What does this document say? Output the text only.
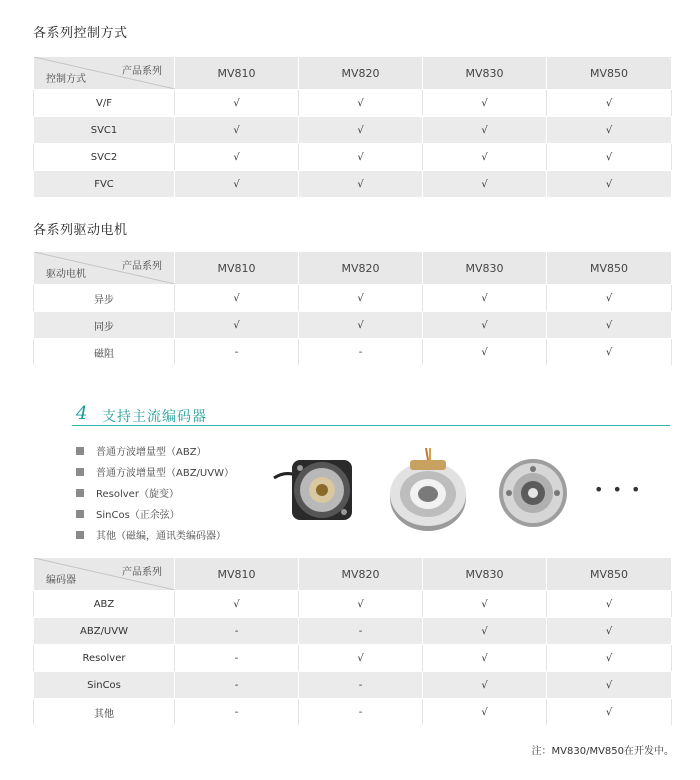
各系列控制方式
产品系列
控制方式	MV810	MV820	MV830	MV850
V/F	√	√	√	√
SVC1	√	√	√	√
SVC2	√	√	√	√
FVC	√	√	√	√
各系列驱动电机
产品系列
驱动电机	MV810	MV820	MV830	MV850
异步	√	√	√	√
同步	√	√	√	√
磁阻	-	-	√	√
4 支持主流编码器
普通方波增量型（ABZ）
普通方波增量型（ABZ/UVW）
Resolver（旋变）
SinCos（正余弦）
其他（磁编，通讯类编码器）
• • •
产品系列
编码器	MV810	MV820	MV830	MV850
ABZ	√	√	√	√
ABZ/UVW	-	-	√	√
Resolver	-	√	√	√
SinCos	-	-	√	√
其他	-	-	√	√
注：MV830/MV850在开发中。
